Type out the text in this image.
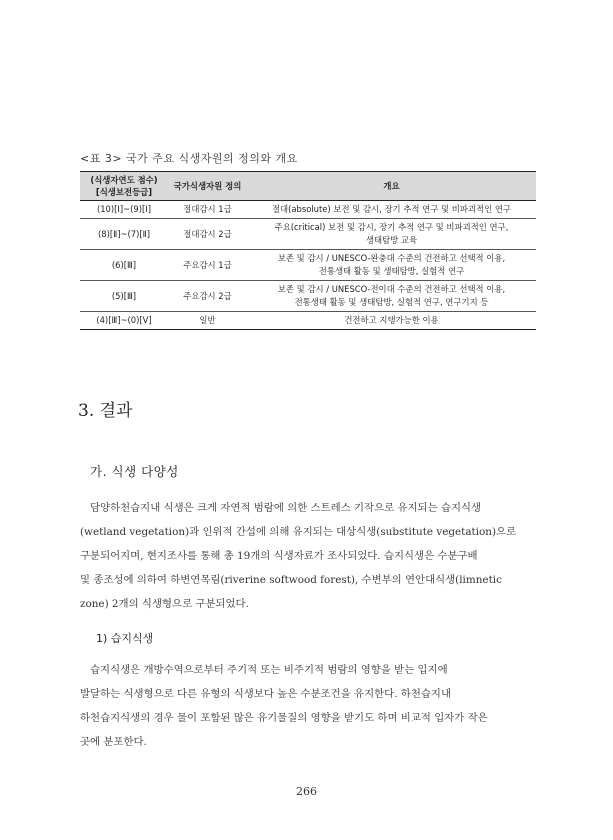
<표 3> 국가 주요 식생자원의 정의와 개요
(식생자연도 점수)
[식생보전등급]	국가식생자원 정의	개요
(10)[Ⅰ]~(9)[Ⅰ]	절대감시 1급	절대(absolute) 보전 및 감시, 장기 추적 연구 및 비파괴적인 연구
(8)[Ⅱ]~(7)[Ⅱ]	절대감시 2급	주요(critical) 보전 및 감시, 장기 추적 연구 및 비파괴적인 연구,
생태탐방 교육
(6)[Ⅲ]	주요감시 1급	보존 및 감시 / UNESCO-완충대 수준의 건전하고 선택적 이용,
전통생태 활동 및 생태탐방, 실험적 연구
(5)[Ⅲ]	주요감시 2급	보존 및 감시 / UNESCO-전이대 수준의 건전하고 선택적 이용,
전통생태 활동 및 생태탐방, 실험적 연구, 연구기지 등
(4)[Ⅲ]~(0)[Ⅴ]	일반	건전하고 지탱가능한 이용
3. 결과
가. 식생 다양성
담양하천습지내 식생은 크게 자연적 범람에 의한 스트레스 기작으로 유지되는 습지식생
(wetland vegetation)과 인위적 간섭에 의해 유지되는 대상식생(substitute vegetation)으로
구분되어지며, 현지조사를 통해 총 19개의 식생자료가 조사되었다. 습지식생은 수분구배
및 종조성에 의하여 하변연목림(riverine softwood forest), 수변부의 연안대식생(limnetic
zone) 2개의 식생형으로 구분되었다.
1) 습지식생
습지식생은 개방수역으로부터 주기적 또는 비주기적 범람의 영향을 받는 입지에
발달하는 식생형으로 다른 유형의 식생보다 높은 수분조건을 유지한다. 하천습지내
하천습지식생의 경우 물이 포함된 많은 유기물질의 영향을 받기도 하며 비교적 입자가 작은
곳에 분포한다.
266
